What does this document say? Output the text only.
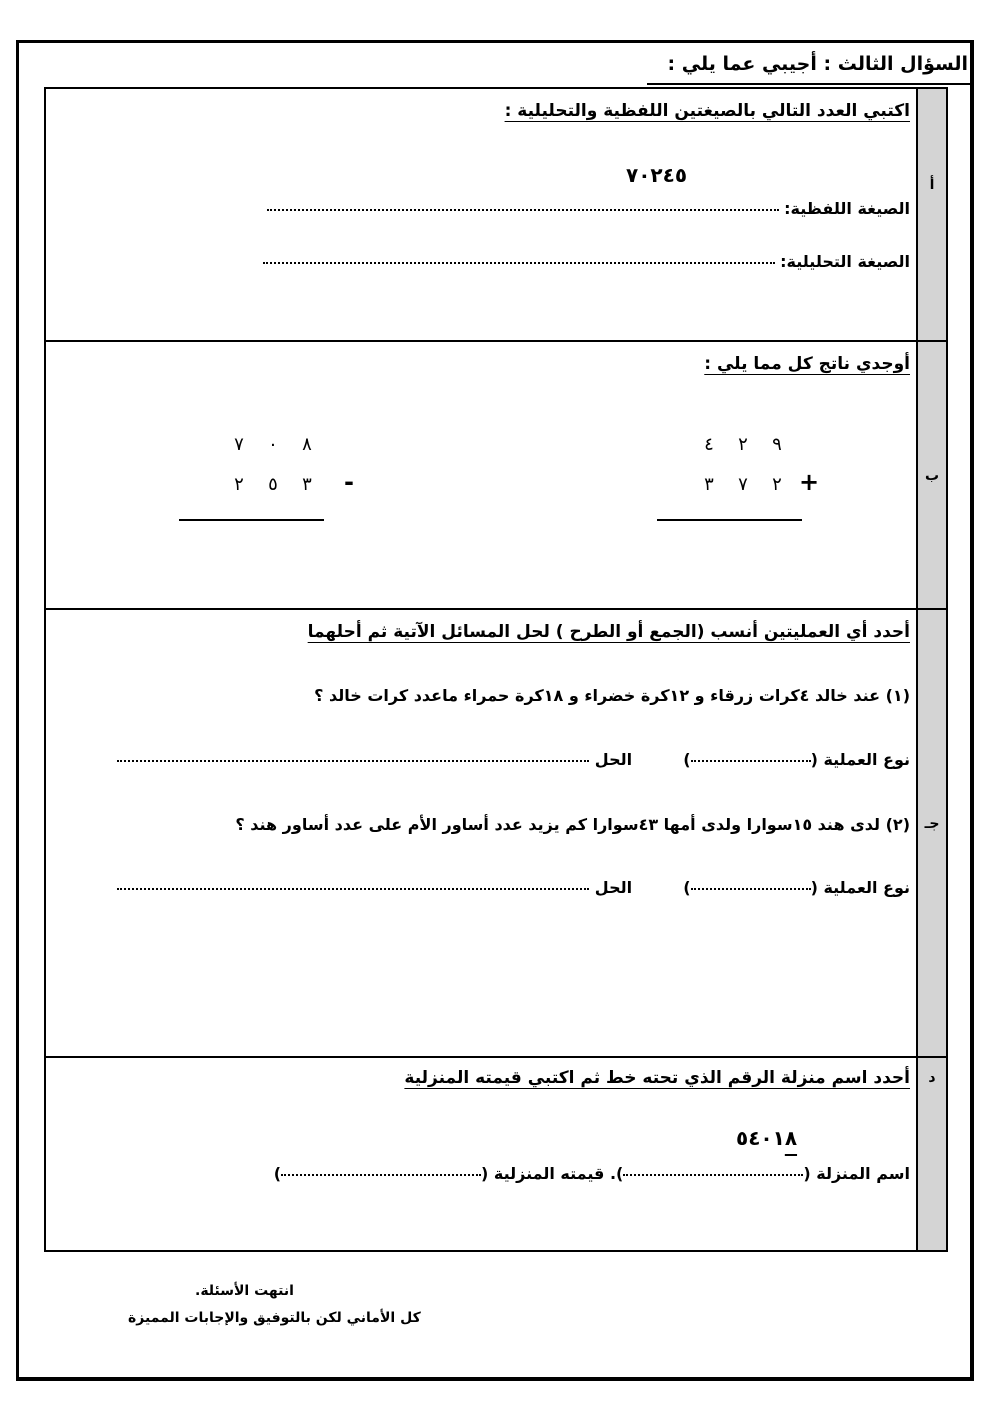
السؤال الثالث : أجيبي عما يلي :
أ
اكتبي العدد التالي بالصيغتين اللفظية والتحليلية :
٧٠٢٤٥
الصيغة اللفظية:
الصيغة التحليلية:
ب
أوجدي ناتج كل مما يلي :
٩٢٤
+٢٧٣
٨٠٧
-٣٥٢
جـ
أحدد أي العمليتين أنسب (الجمع أو الطرح ) لحل المسائل الآتية ثم أحلهما
(١) عند خالد ٤كرات زرقاء و ١٢كرة خضراء و ١٨كرة حمراء ماعدد كرات خالد ؟
نوع العملية ()  الحل
(٢) لدى هند ١٥سوارا ولدى أمها ٤٣سوارا كم يزيد عدد أساور الأم على عدد أساور هند ؟
نوع العملية ()  الحل
د
أحدد اسم منزلة الرقم الذي تحته خط ثم اكتبي قيمته المنزلية
٥٤٠١٨
اسم المنزلة (). قيمته المنزلية ()
انتهت الأسئلة.
كل الأماني لكن بالتوفيق والإجابات المميزة
